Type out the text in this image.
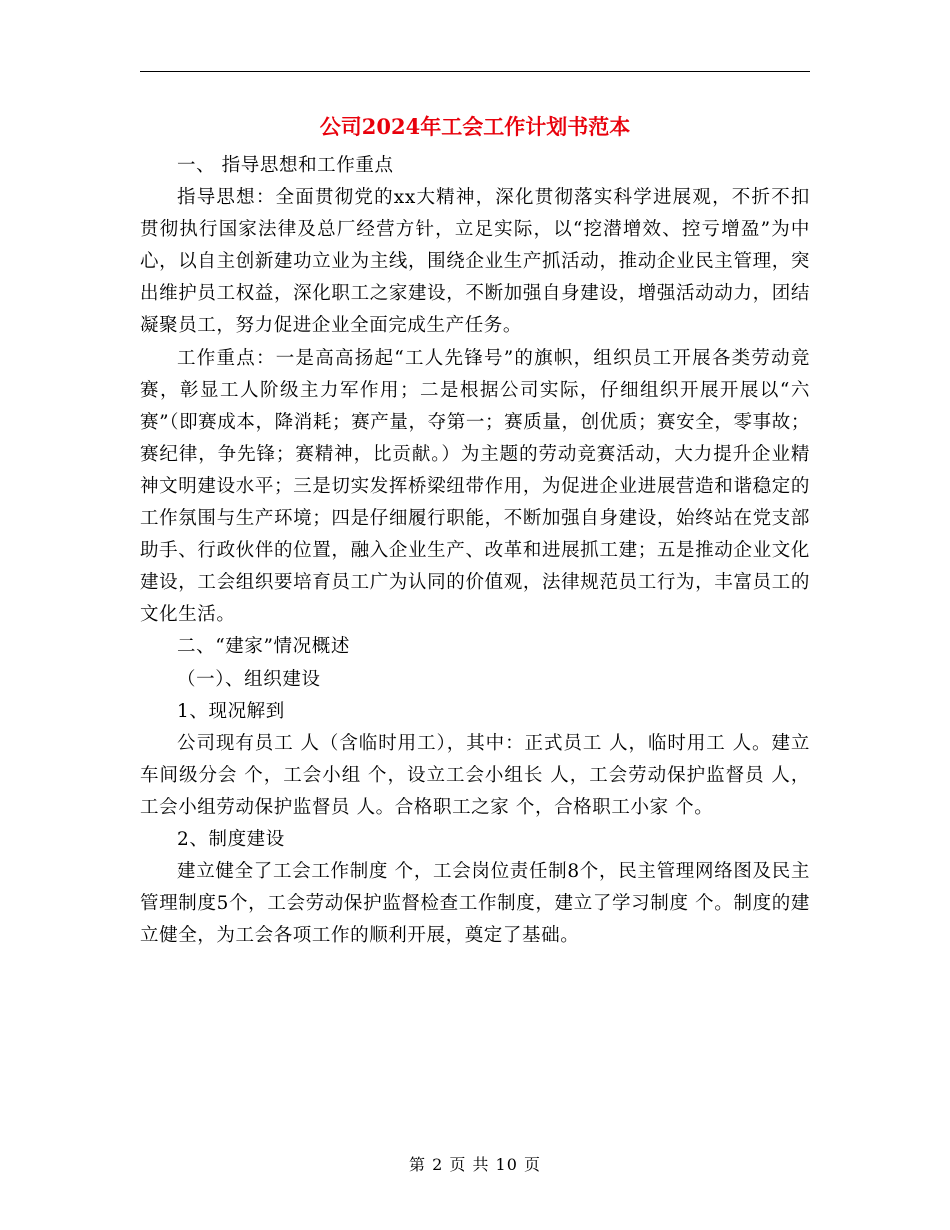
公司2024年工会工作计划书范本

一、 指导思想和工作重点

指导思想：全面贯彻党的xx大精神，深化贯彻落实科学进展观，不折不扣贯彻执行国家法律及总厂经营方针，立足实际，以“挖潜增效、控亏增盈”为中心，以自主创新建功立业为主线，围绕企业生产抓活动，推动企业民主管理，突出维护员工权益，深化职工之家建设，不断加强自身建设，增强活动动力，团结凝聚员工，努力促进企业全面完成生产任务。

工作重点：一是高高扬起“工人先锋号”的旗帜，组织员工开展各类劳动竞赛，彰显工人阶级主力军作用；二是根据公司实际，仔细组织开展开展以“六赛”（即赛成本，降消耗；赛产量，夺第一；赛质量，创优质；赛安全，零事故；赛纪律，争先锋；赛精神，比贡献。）为主题的劳动竞赛活动，大力提升企业精神文明建设水平；三是切实发挥桥梁纽带作用，为促进企业进展营造和谐稳定的工作氛围与生产环境；四是仔细履行职能，不断加强自身建设，始终站在党支部助手、行政伙伴的位置，融入企业生产、改革和进展抓工建；五是推动企业文化建设，工会组织要培育员工广为认同的价值观，法律规范员工行为，丰富员工的文化生活。

二、“建家”情况概述

（一）、组织建设

1、现况解到

公司现有员工 人（含临时用工），其中：正式员工 人，临时用工 人。建立车间级分会 个，工会小组 个，设立工会小组长 人，工会劳动保护监督员 人，工会小组劳动保护监督员 人。合格职工之家 个，合格职工小家 个。

2、制度建设

建立健全了工会工作制度 个，工会岗位责任制8个，民主管理网络图及民主管理制度5个，工会劳动保护监督检查工作制度，建立了学习制度 个。制度的建立健全，为工会各项工作的顺利开展，奠定了基础。

第 2 页 共 10 页
